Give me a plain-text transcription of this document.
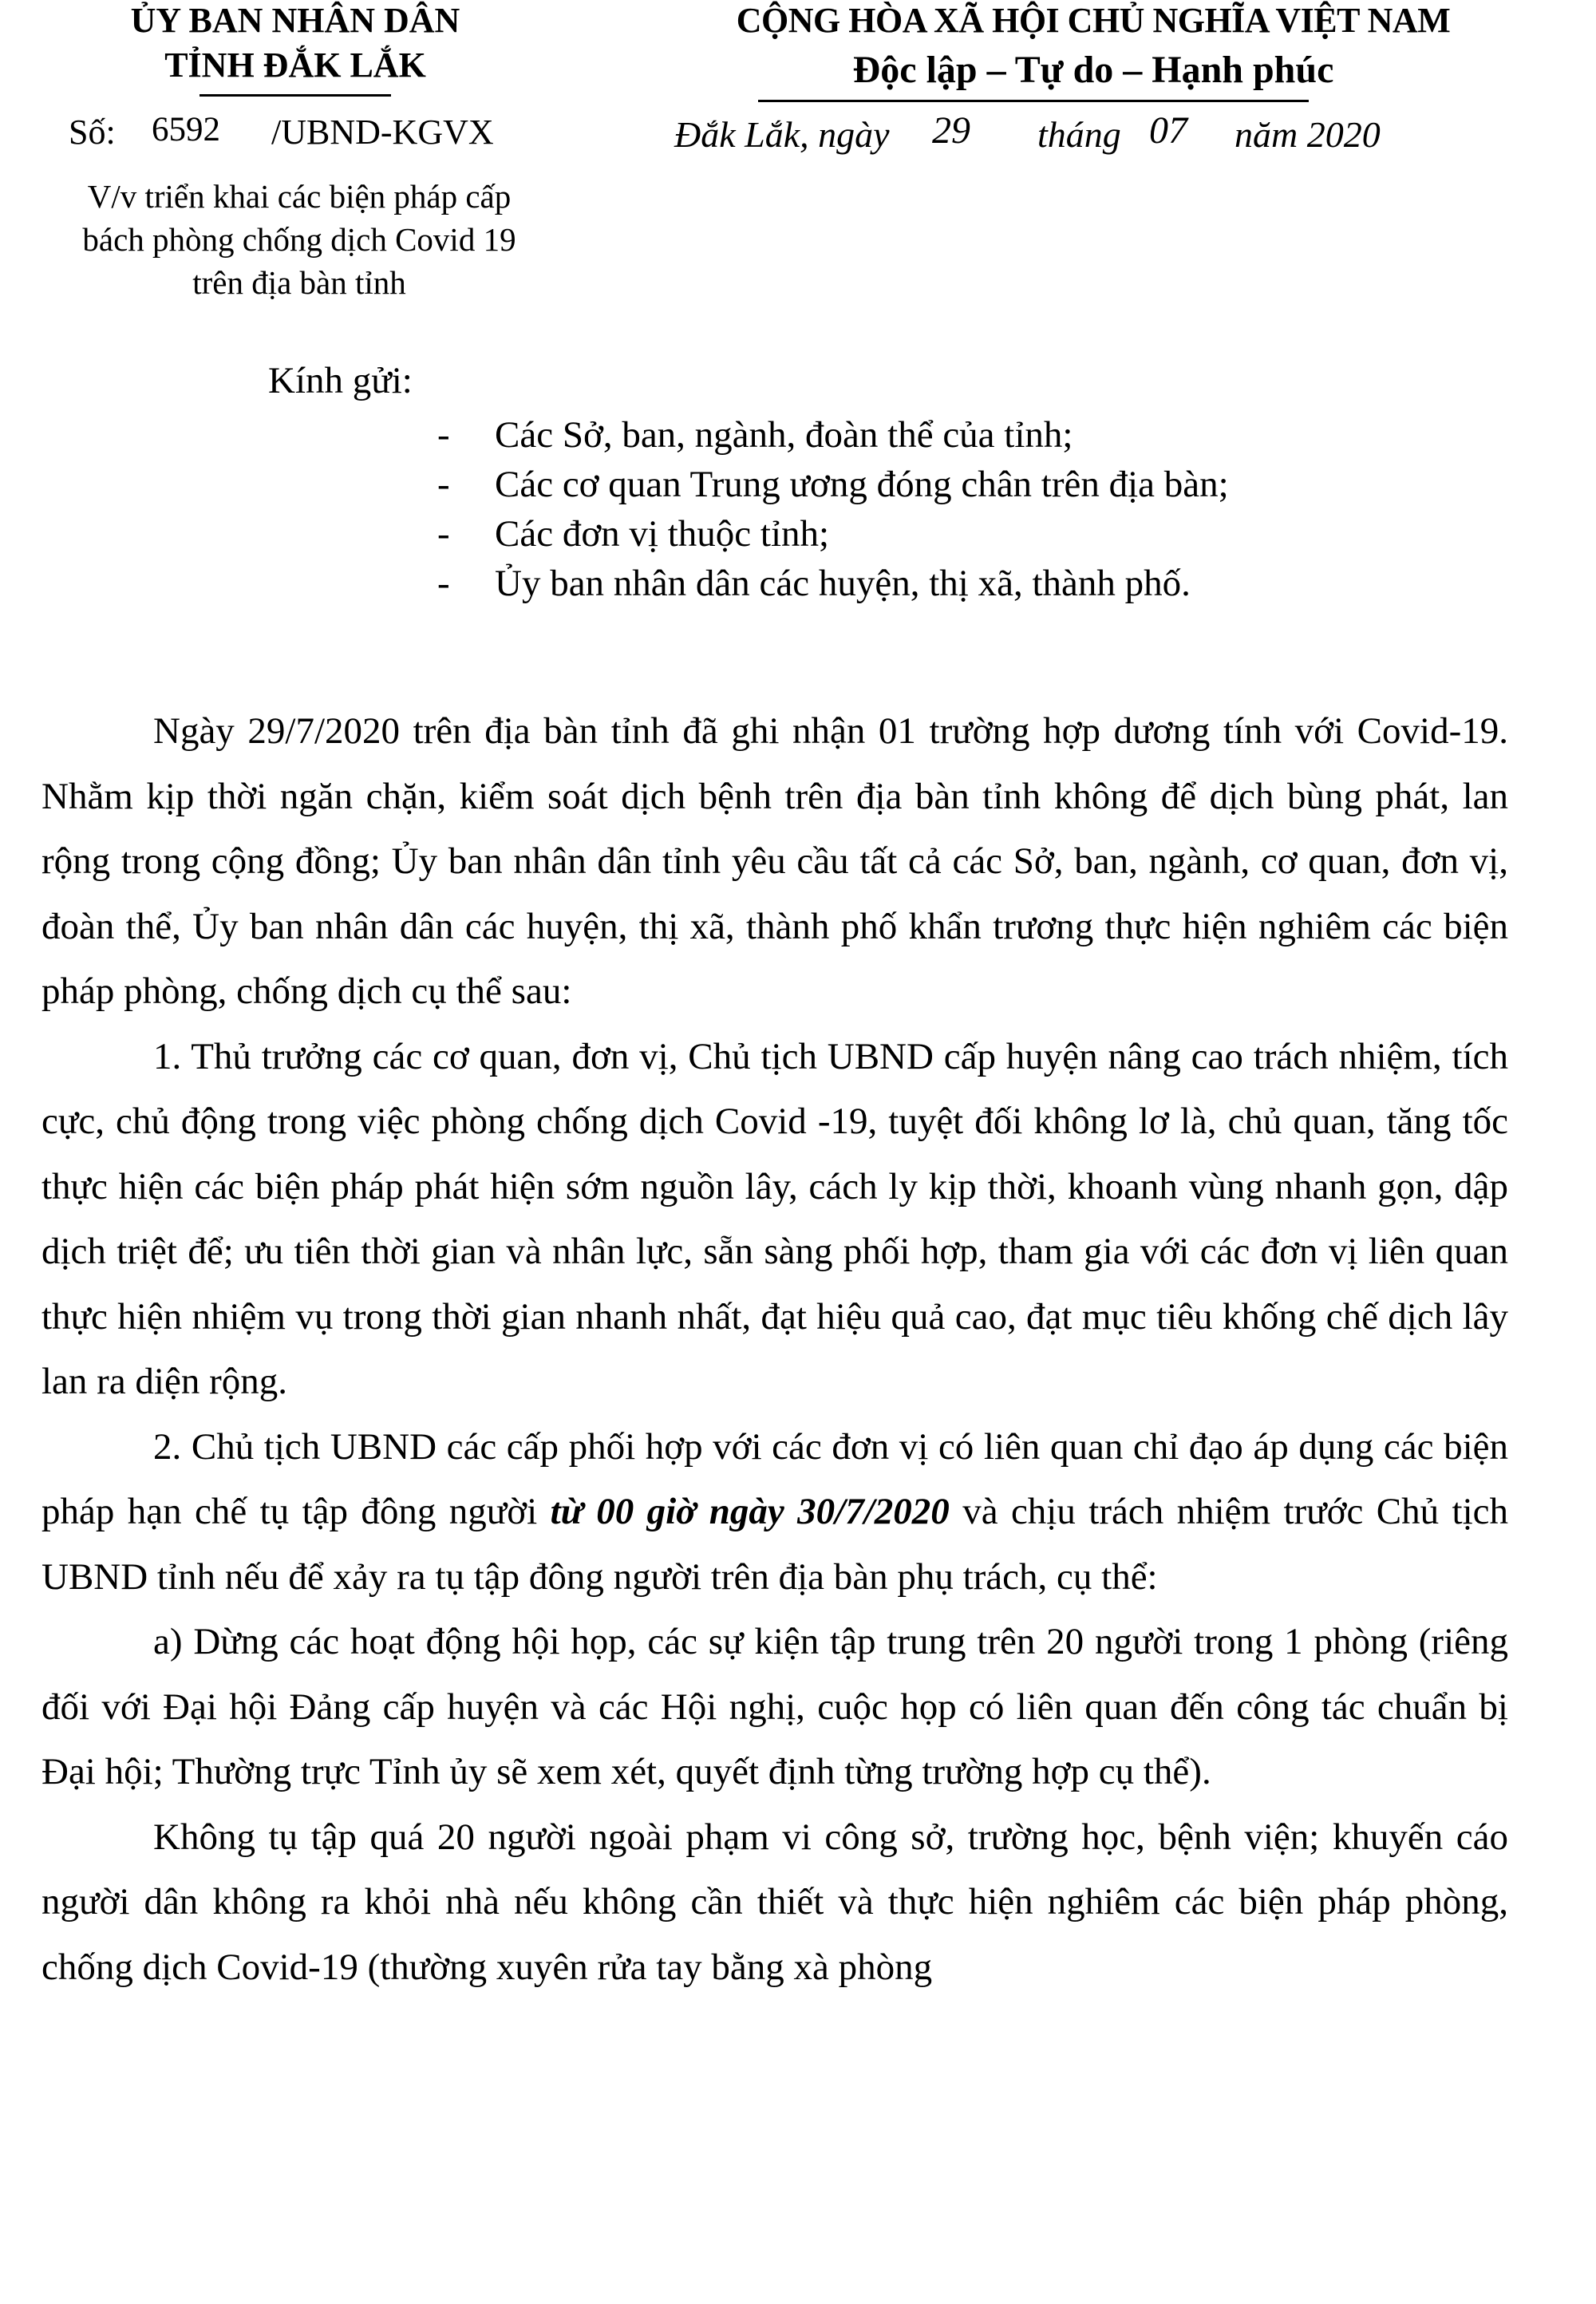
ỦY BAN NHÂN DÂN
TỈNH ĐẮK LẮK
Số: 6592 /UBND-KGVX
V/v triển khai các biện pháp cấp
bách phòng chống dịch Covid 19
trên địa bàn tỉnh
CỘNG HÒA XÃ HỘI CHỦ NGHĨA VIỆT NAM
Độc lập – Tự do – Hạnh phúc
Đắk Lắk, ngày 29 tháng 07 năm 2020
Kính gửi:
- Các Sở, ban, ngành, đoàn thể của tỉnh;
- Các cơ quan Trung ương đóng chân trên địa bàn;
- Các đơn vị thuộc tỉnh;
- Ủy ban nhân dân các huyện, thị xã, thành phố.

Ngày 29/7/2020 trên địa bàn tỉnh đã ghi nhận 01 trường hợp dương tính với Covid-19. Nhằm kịp thời ngăn chặn, kiểm soát dịch bệnh trên địa bàn tỉnh không để dịch bùng phát, lan rộng trong cộng đồng; Ủy ban nhân dân tỉnh yêu cầu tất cả các Sở, ban, ngành, cơ quan, đơn vị, đoàn thể, Ủy ban nhân dân các huyện, thị xã, thành phố khẩn trương thực hiện nghiêm các biện pháp phòng, chống dịch cụ thể sau:

1. Thủ trưởng các cơ quan, đơn vị, Chủ tịch UBND cấp huyện nâng cao trách nhiệm, tích cực, chủ động trong việc phòng chống dịch Covid -19, tuyệt đối không lơ là, chủ quan, tăng tốc thực hiện các biện pháp phát hiện sớm nguồn lây, cách ly kịp thời, khoanh vùng nhanh gọn, dập dịch triệt để; ưu tiên thời gian và nhân lực, sẵn sàng phối hợp, tham gia với các đơn vị liên quan thực hiện nhiệm vụ trong thời gian nhanh nhất, đạt hiệu quả cao, đạt mục tiêu khống chế dịch lây lan ra diện rộng.

2. Chủ tịch UBND các cấp phối hợp với các đơn vị có liên quan chỉ đạo áp dụng các biện pháp hạn chế tụ tập đông người từ 00 giờ ngày 30/7/2020 và chịu trách nhiệm trước Chủ tịch UBND tỉnh nếu để xảy ra tụ tập đông người trên địa bàn phụ trách, cụ thể:

a) Dừng các hoạt động hội họp, các sự kiện tập trung trên 20 người trong 1 phòng (riêng đối với Đại hội Đảng cấp huyện và các Hội nghị, cuộc họp có liên quan đến công tác chuẩn bị Đại hội; Thường trực Tỉnh ủy sẽ xem xét, quyết định từng trường hợp cụ thể).

Không tụ tập quá 20 người ngoài phạm vi công sở, trường học, bệnh viện; khuyến cáo người dân không ra khỏi nhà nếu không cần thiết và thực hiện nghiêm các biện pháp phòng, chống dịch Covid-19 (thường xuyên rửa tay bằng xà phòng
